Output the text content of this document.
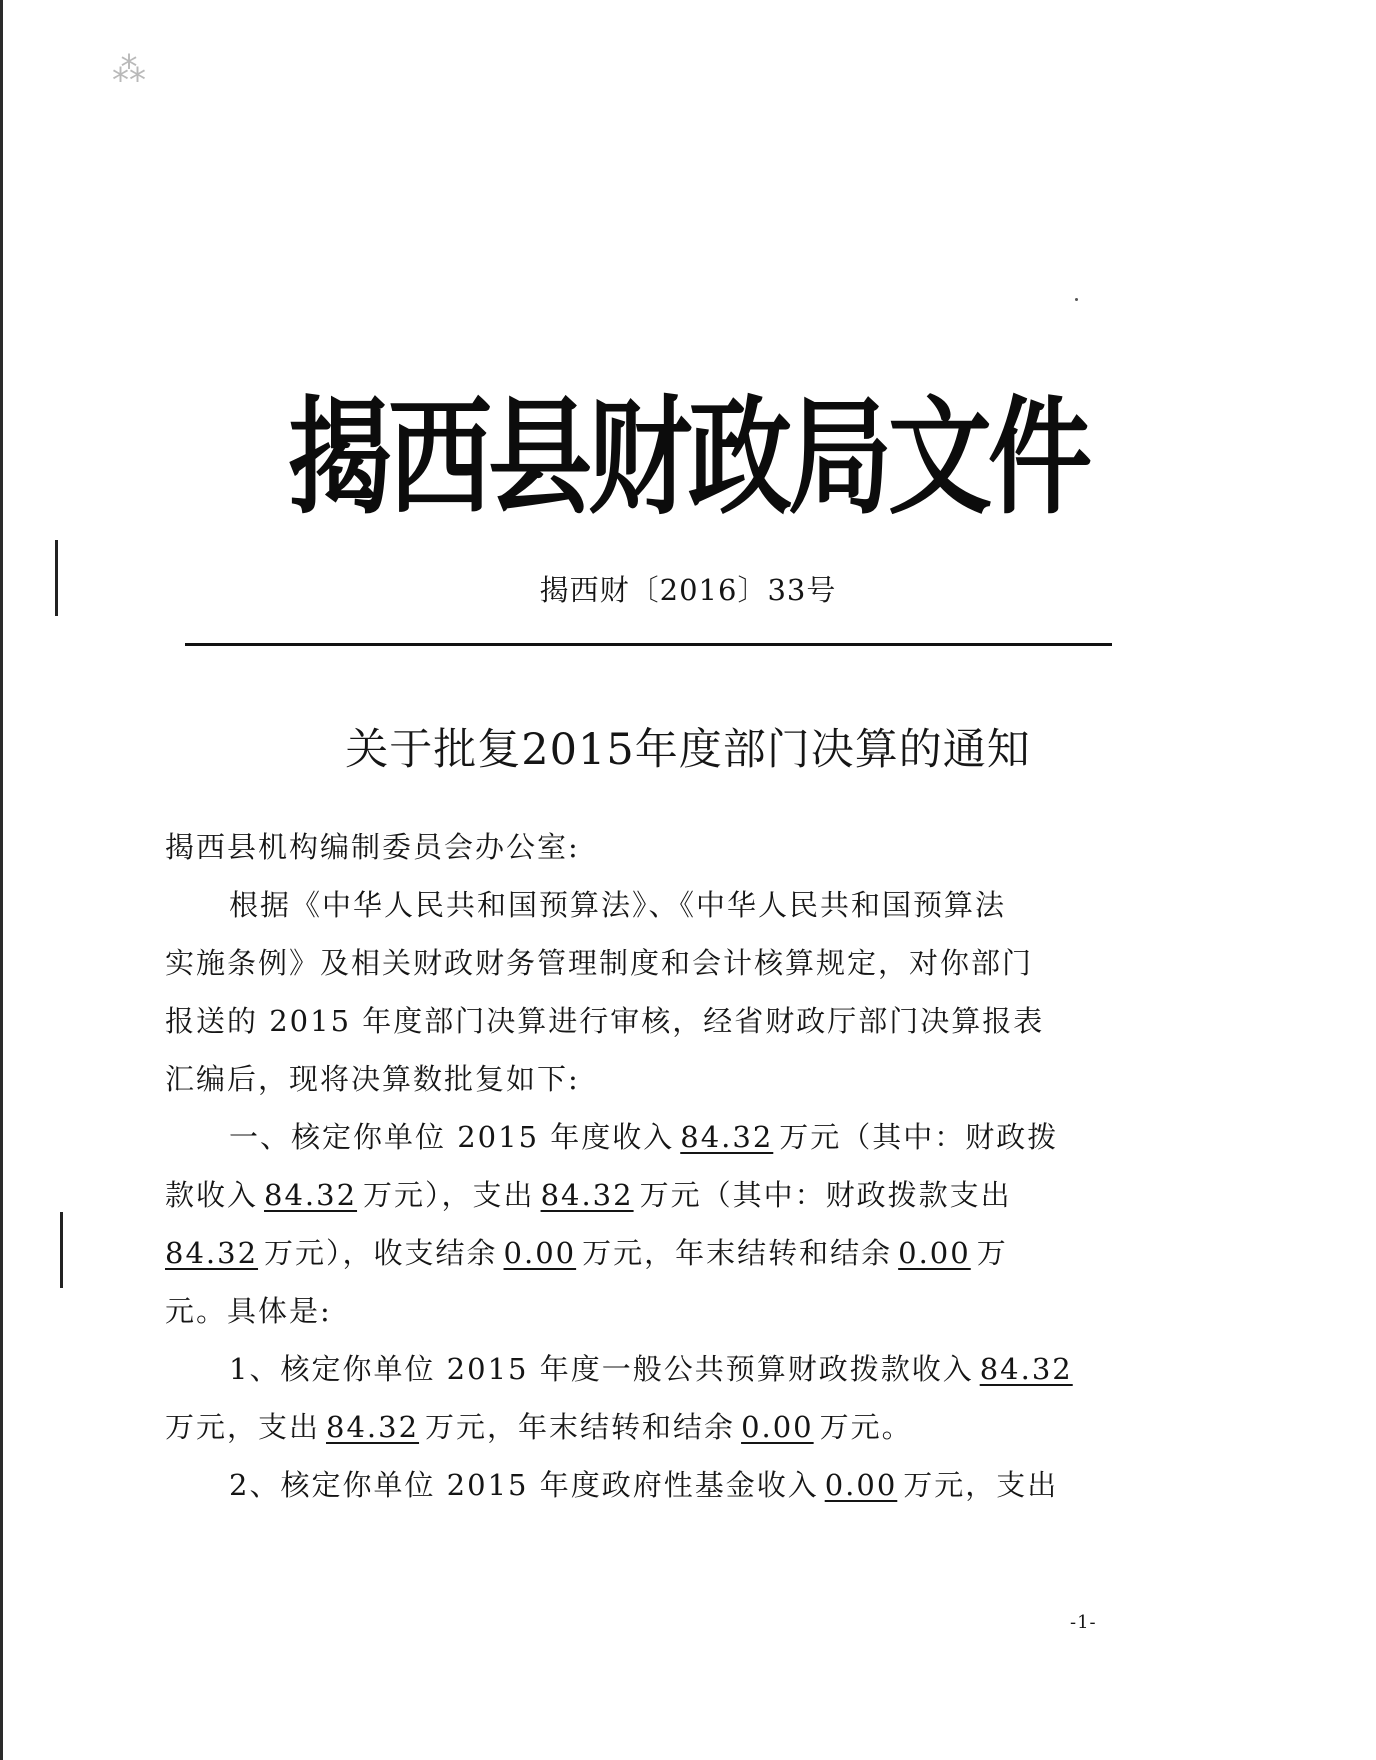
⁂
揭西县财政局文件
揭西财〔2016〕33号
关于批复2015年度部门决算的通知
揭西县机构编制委员会办公室:
根据《中华人民共和国预算法》、《中华人民共和国预算法
实施条例》及相关财政财务管理制度和会计核算规定，对你部门
报送的 2015 年度部门决算进行审核，经省财政厅部门决算报表
汇编后，现将决算数批复如下:
一、核定你单位 2015 年度收入 84.32 万元（其中：财政拨
款收入 84.32 万元），支出 84.32 万元（其中：财政拨款支出
84.32 万元），收支结余 0.00 万元，年末结转和结余 0.00 万
元。具体是:
1、核定你单位 2015 年度一般公共预算财政拨款收入 84.32
万元，支出 84.32 万元，年末结转和结余 0.00 万元。
2、核定你单位 2015 年度政府性基金收入 0.00 万元，支出
-1-
